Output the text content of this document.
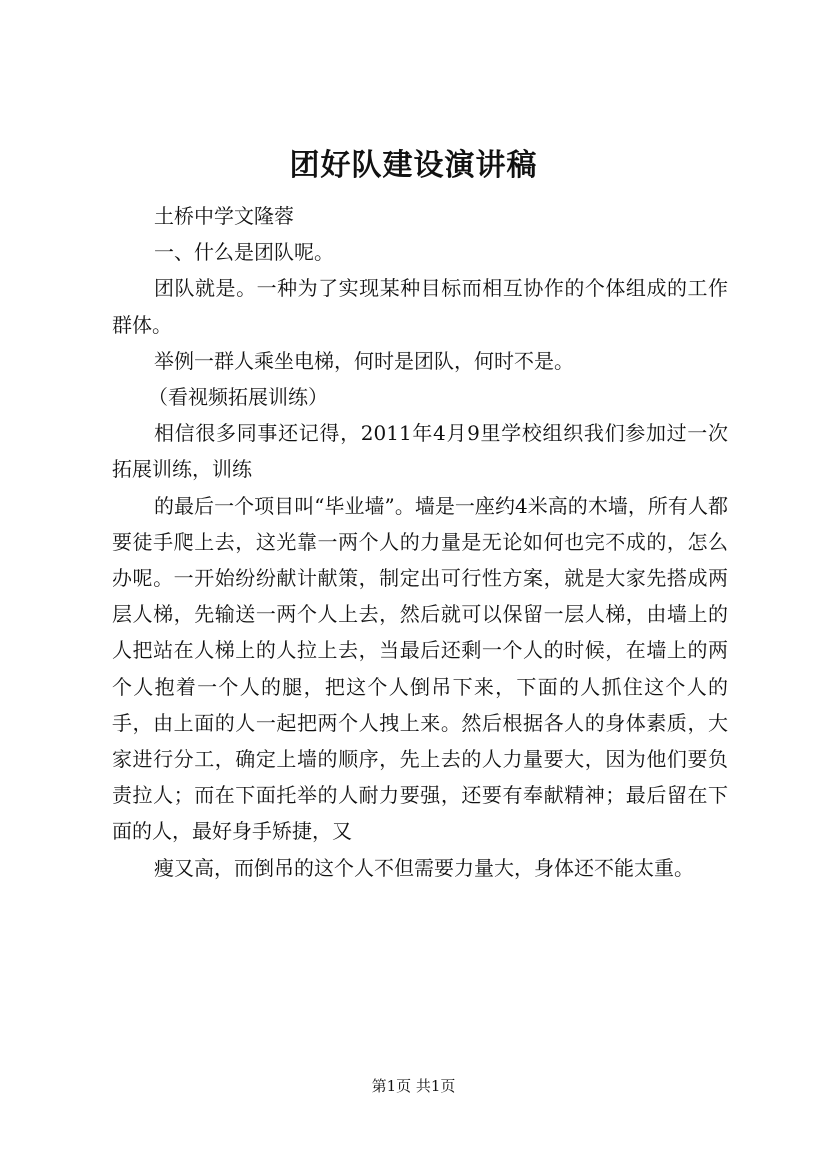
团好队建设演讲稿

土桥中学文隆蓉

一、什么是团队呢。

团队就是。一种为了实现某种目标而相互协作的个体组成的工作群体。

举例一群人乘坐电梯，何时是团队，何时不是。

（看视频拓展训练）

相信很多同事还记得，2011年4月9里学校组织我们参加过一次拓展训练，训练

的最后一个项目叫“毕业墙”。墙是一座约4米高的木墙，所有人都要徒手爬上去，这光靠一两个人的力量是无论如何也完不成的，怎么办呢。一开始纷纷献计献策，制定出可行性方案，就是大家先搭成两层人梯，先输送一两个人上去，然后就可以保留一层人梯，由墙上的人把站在人梯上的人拉上去，当最后还剩一个人的时候，在墙上的两个人抱着一个人的腿，把这个人倒吊下来，下面的人抓住这个人的手，由上面的人一起把两个人拽上来。然后根据各人的身体素质，大家进行分工，确定上墙的顺序，先上去的人力量要大，因为他们要负责拉人；而在下面托举的人耐力要强，还要有奉献精神；最后留在下面的人，最好身手矫捷，又

瘦又高，而倒吊的这个人不但需要力量大，身体还不能太重。

第1页 共1页
